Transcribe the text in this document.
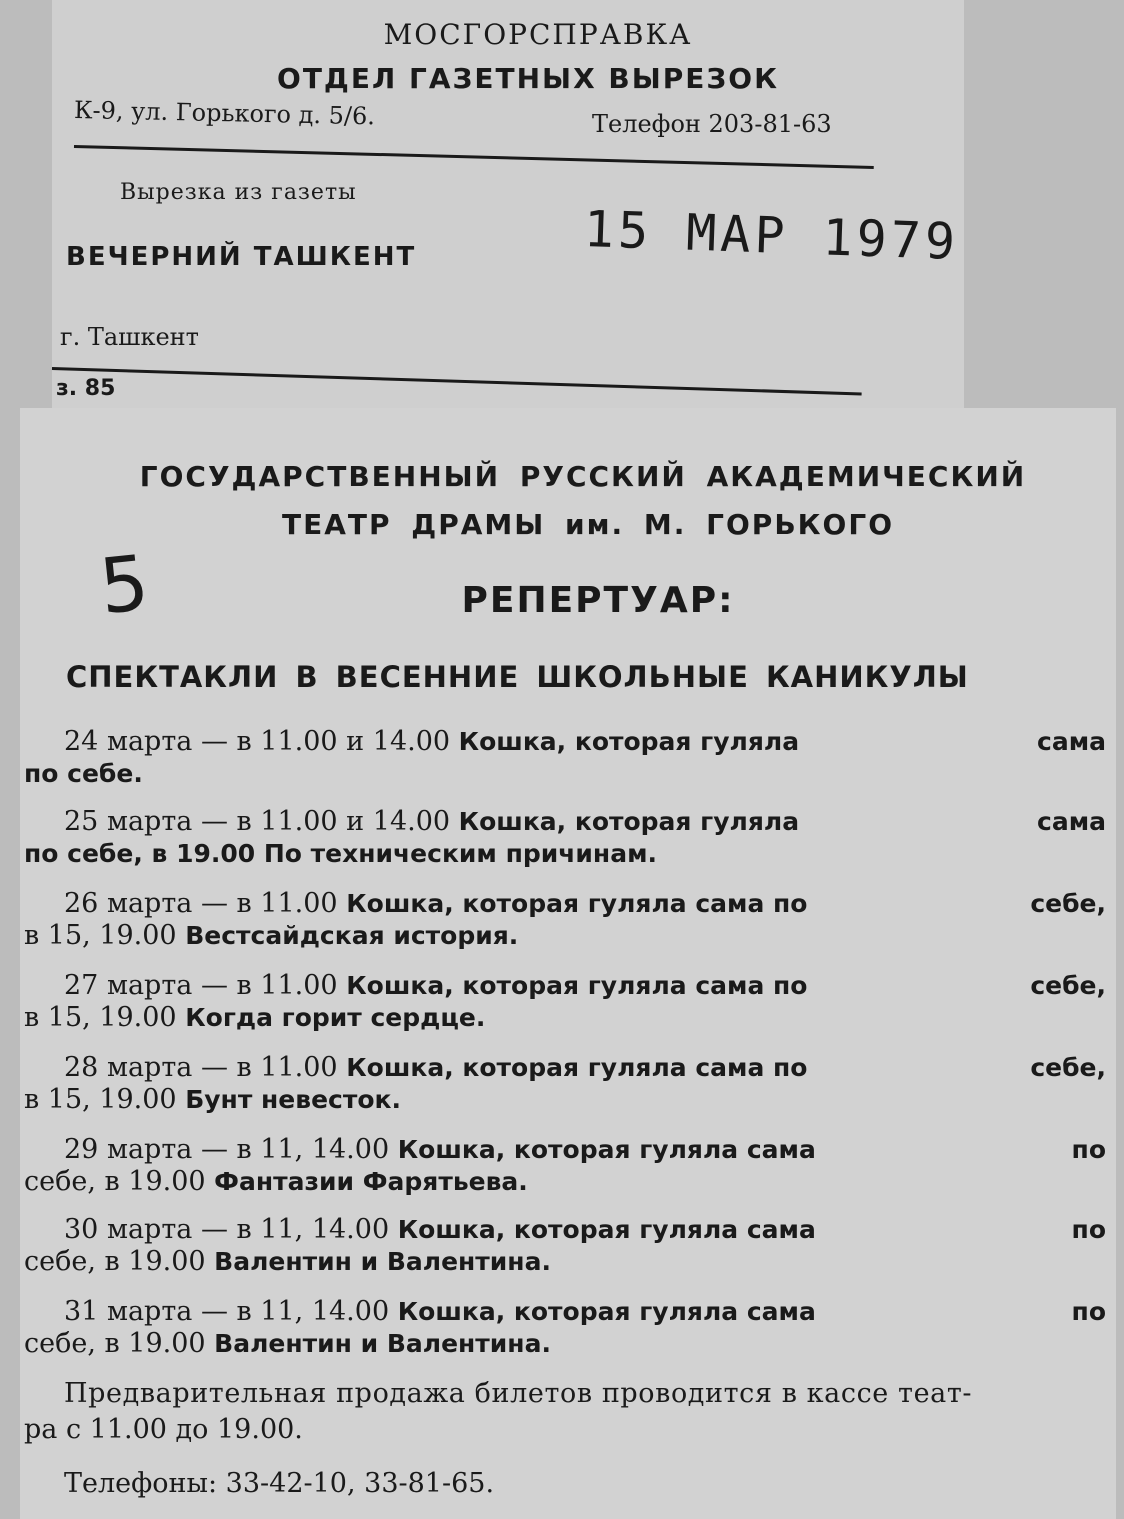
МОСГОРСПРАВКА
ОТДЕЛ ГАЗЕТНЫХ ВЫРЕЗОК
К-9, ул. Горького д. 5/6.	Телефон 203-81-63
Вырезка из газеты
ВЕЧЕРНИЙ ТАШКЕНТ	15 МАР 1979
г. Ташкент
з. 85
ГОСУДАРСТВЕННЫЙ РУССКИЙ АКАДЕМИЧЕСКИЙ
ТЕАТР ДРАМЫ им. М. ГОРЬКОГО
5	РЕПЕРТУАР:
СПЕКТАКЛИ В ВЕСЕННИЕ ШКОЛЬНЫЕ КАНИКУЛЫ
24 марта — в 11.00 и 14.00 Кошка, которая гуляла	сама
по себе.
25 марта — в 11.00 и 14.00 Кошка, которая гуляла	сама
по себе, в 19.00 По техническим причинам.
26 марта — в 11.00 Кошка, которая гуляла сама по	себе,
в 15, 19.00 Вестсайдская история.
27 марта — в 11.00 Кошка, которая гуляла сама по	себе,
в 15, 19.00 Когда горит сердце.
28 марта — в 11.00 Кошка, которая гуляла сама по	себе,
в 15, 19.00 Бунт невесток.
29 марта — в 11, 14.00 Кошка, которая гуляла сама	по
себе, в 19.00 Фантазии Фарятьева.
30 марта — в 11, 14.00 Кошка, которая гуляла сама	по
себе, в 19.00 Валентин и Валентина.
31 марта — в 11, 14.00 Кошка, которая гуляла сама	по
себе, в 19.00 Валентин и Валентина.
Предварительная продажа билетов проводится в кассе теат-
ра с 11.00 до 19.00.
Телефоны: 33-42-10, 33-81-65.
